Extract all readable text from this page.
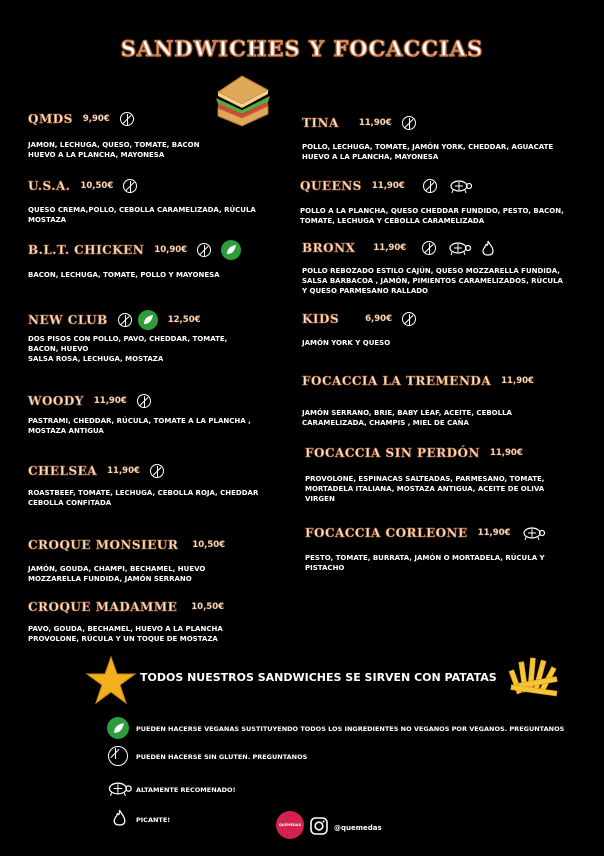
SANDWICHES Y FOCACCIAS
QMDS 9,90€
JAMON, LECHUGA, QUESO, TOMATE, BACON
HUEVO A LA PLANCHA, MAYONESA
U.S.A. 10,50€
QUESO CREMA,POLLO, CEBOLLA CARAMELIZADA, RÚCULA
MOSTAZA
B.L.T. CHICKEN 10,90€
BACON, LECHUGA, TOMATE, POLLO Y MAYONESA
NEW CLUB	12,50€
DOS PISOS CON POLLO, PAVO, CHEDDAR, TOMATE,
BACON, HUEVO
SALSA ROSA, LECHUGA, MOSTAZA
WOODY 11,90€
PASTRAMI, CHEDDAR, RÚCULA, TOMATE A LA PLANCHA ,
MOSTAZA ANTIGUA
CHELSEA 11,90€
ROASTBEEF, TOMATE, LECHUGA, CEBOLLA ROJA, CHEDDAR
CEBOLLA CONFITADA
CROQUE MONSIEUR 10,50€
JAMÓN, GOUDA, CHAMPI, BECHAMEL, HUEVO
MOZZARELLA FUNDIDA, JAMÓN SERRANO
CROQUE MADAMME 10,50€
PAVO, GOUDA, BECHAMEL, HUEVO A LA PLANCHA
PROVOLONE, RÚCULA Y UN TOQUE DE MOSTAZA
TINA 11,90€
POLLO, LECHUGA, TOMATE, JAMÓN YORK, CHEDDAR, AGUACATE
HUEVO A LA PLANCHA, MAYONESA
QUEENS 11,90€
POLLO A LA PLANCHA, QUESO CHEDDAR FUNDIDO, PESTO, BACON,
TOMATE, LECHUGA Y CEBOLLA CARAMELIZADA
BRONX 11,90€
POLLO REBOZADO ESTILO CAJÚN, QUESO MOZZARELLA FUNDIDA,
SALSA BARBACOA , JAMÓN, PIMIENTOS CARAMELIZADOS, RÚCULA
Y QUESO PARMESANO RALLADO
KIDS	6,90€
JAMÓN YORK Y QUESO
FOCACCIA LA TREMENDA 11,90€
JAMÓN SERRANO, BRIE, BABY LEAF, ACEITE, CEBOLLA
CARAMELIZADA, CHAMPIS , MIEL DE CAÑA
FOCACCIA SIN PERDÓN 11,90€
PROVOLONE, ESPINACAS SALTEADAS, PARMESANO, TOMATE,
MORTADELA ITALIANA, MOSTAZA ANTIGUA, ACEITE DE OLIVA
VIRGEN
FOCACCIA CORLEONE 11,90€
PESTO, TOMATE, BURRATA, JAMÓN O MORTADELA, RÚCULA Y
PISTACHO
TODOS NUESTROS SANDWICHES SE SIRVEN CON PATATAS
PUEDEN HACERSE VEGANAS SUSTITUYENDO TODOS LOS INGREDIENTES NO VEGANOS POR VEGANOS. PREGUNTANOS
PUEDEN HACERSE SIN GLUTEN. PREGUNTANOS
ALTAMENTE RECOMENADO!
PICANTE!
QUEMEDAS	@quemedas
